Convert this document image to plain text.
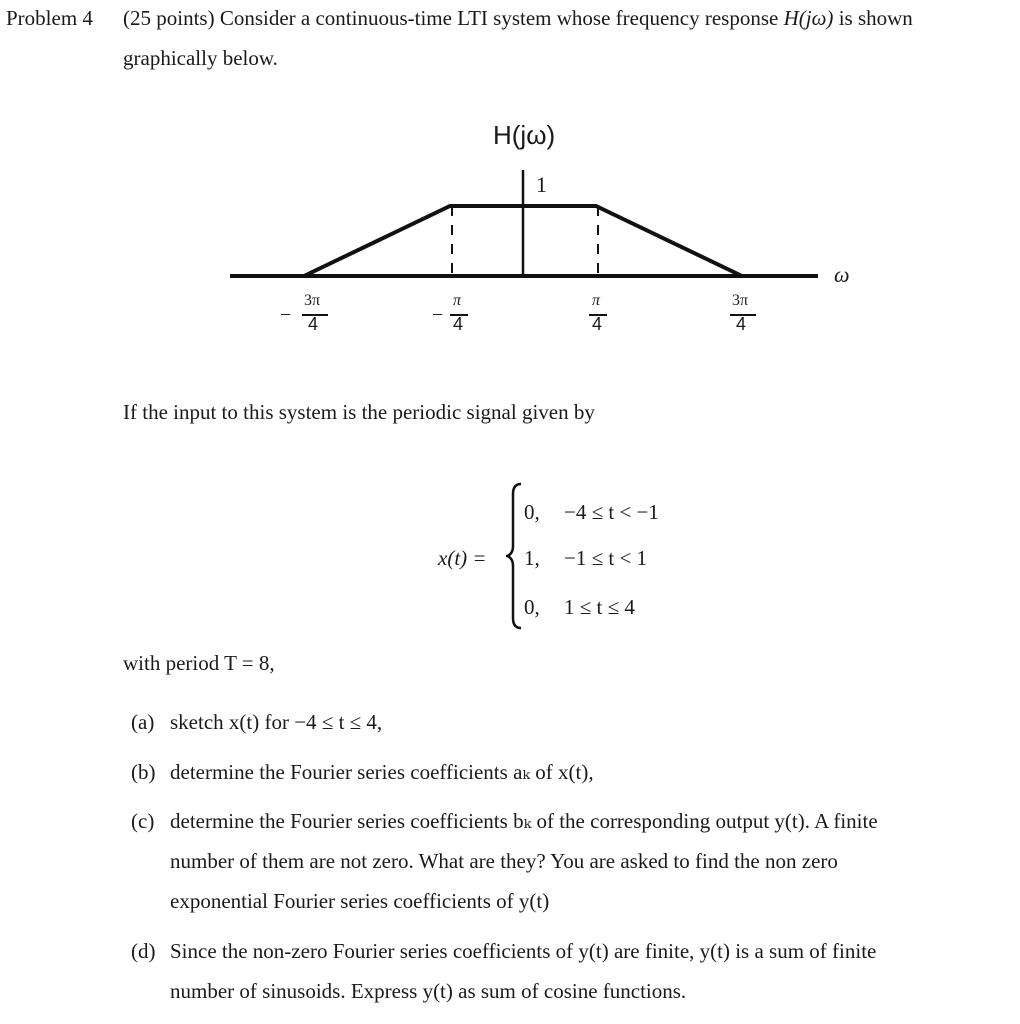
Problem 4 (25 points) Consider a continuous-time LTI system whose frequency response H(jω) is shown
graphically below.
H(jω)
1
ω
−
3π
4	−
π
4
π
4
3π
4
If the input to this system is the periodic signal given by
x(t) =
0, −4 ≤ t < −1
1, −1 ≤ t < 1
0, 1 ≤ t ≤ 4
with period T = 8,
(a) sketch x(t) for −4 ≤ t ≤ 4,
(b) determine the Fourier series coefficients aₖ of x(t),
(c) determine the Fourier series coefficients bₖ of the corresponding output y(t). A finite
number of them are not zero. What are they? You are asked to find the non zero
exponential Fourier series coefficients of y(t)
(d) Since the non-zero Fourier series coefficients of y(t) are finite, y(t) is a sum of finite
number of sinusoids. Express y(t) as sum of cosine functions.
